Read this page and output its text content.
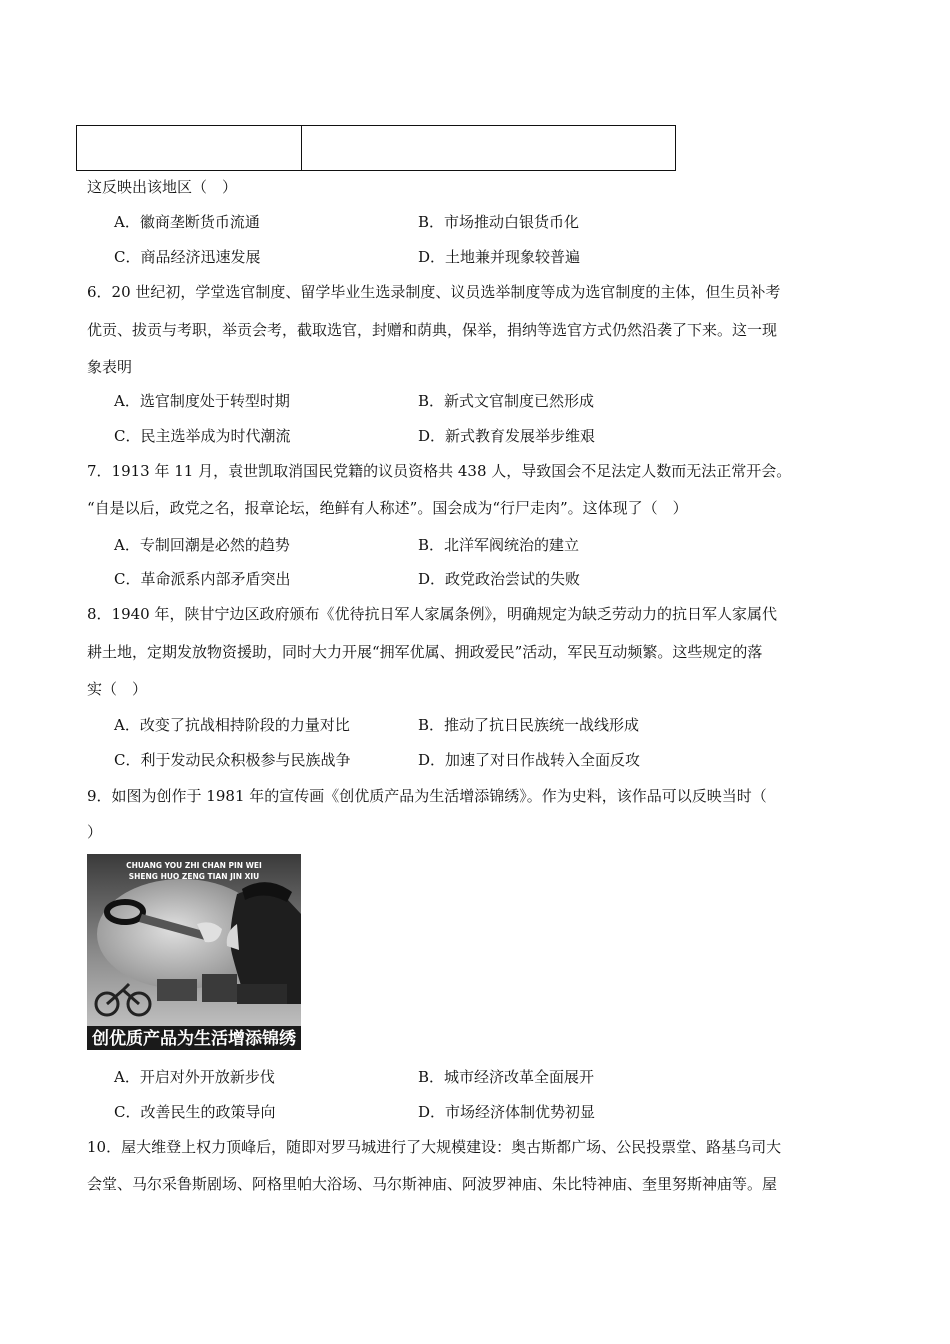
这反映出该地区（　）
A．徽商垄断货币流通	B．市场推动白银货币化
C．商品经济迅速发展	D．土地兼并现象较普遍
6．20 世纪初，学堂选官制度、留学毕业生选录制度、议员选举制度等成为选官制度的主体，但生员补考
优贡、拔贡与考职，举贡会考，截取选官，封赠和荫典，保举，捐纳等选官方式仍然沿袭了下来。这一现
象表明
A．选官制度处于转型时期	B．新式文官制度已然形成
C．民主选举成为时代潮流	D．新式教育发展举步维艰
7．1913 年 11 月，袁世凯取消国民党籍的议员资格共 438 人，导致国会不足法定人数而无法正常开会。
“自是以后，政党之名，报章论坛，绝鲜有人称述”。国会成为“行尸走肉”。这体现了（　）
A．专制回潮是必然的趋势	B．北洋军阀统治的建立
C．革命派系内部矛盾突出	D．政党政治尝试的失败
8．1940 年，陕甘宁边区政府颁布《优待抗日军人家属条例》，明确规定为缺乏劳动力的抗日军人家属代
耕土地，定期发放物资援助，同时大力开展“拥军优属、拥政爱民”活动，军民互动频繁。这些规定的落
实（　）
A．改变了抗战相持阶段的力量对比	B．推动了抗日民族统一战线形成
C．利于发动民众积极参与民族战争	D．加速了对日作战转入全面反攻
9．如图为创作于 1981 年的宣传画《创优质产品为生活增添锦绣》。作为史料，该作品可以反映当时（
）
CHUANG YOU ZHI CHAN PIN WEI
SHENG HUO ZENG TIAN JIN XIU
创优质产品为生活增添锦绣
A．开启对外开放新步伐	B．城市经济改革全面展开
C．改善民生的政策导向	D．市场经济体制优势初显
10．屋大维登上权力顶峰后，随即对罗马城进行了大规模建设：奥古斯都广场、公民投票堂、路基乌司大
会堂、马尔采鲁斯剧场、阿格里帕大浴场、马尔斯神庙、阿波罗神庙、朱比特神庙、奎里努斯神庙等。屋
